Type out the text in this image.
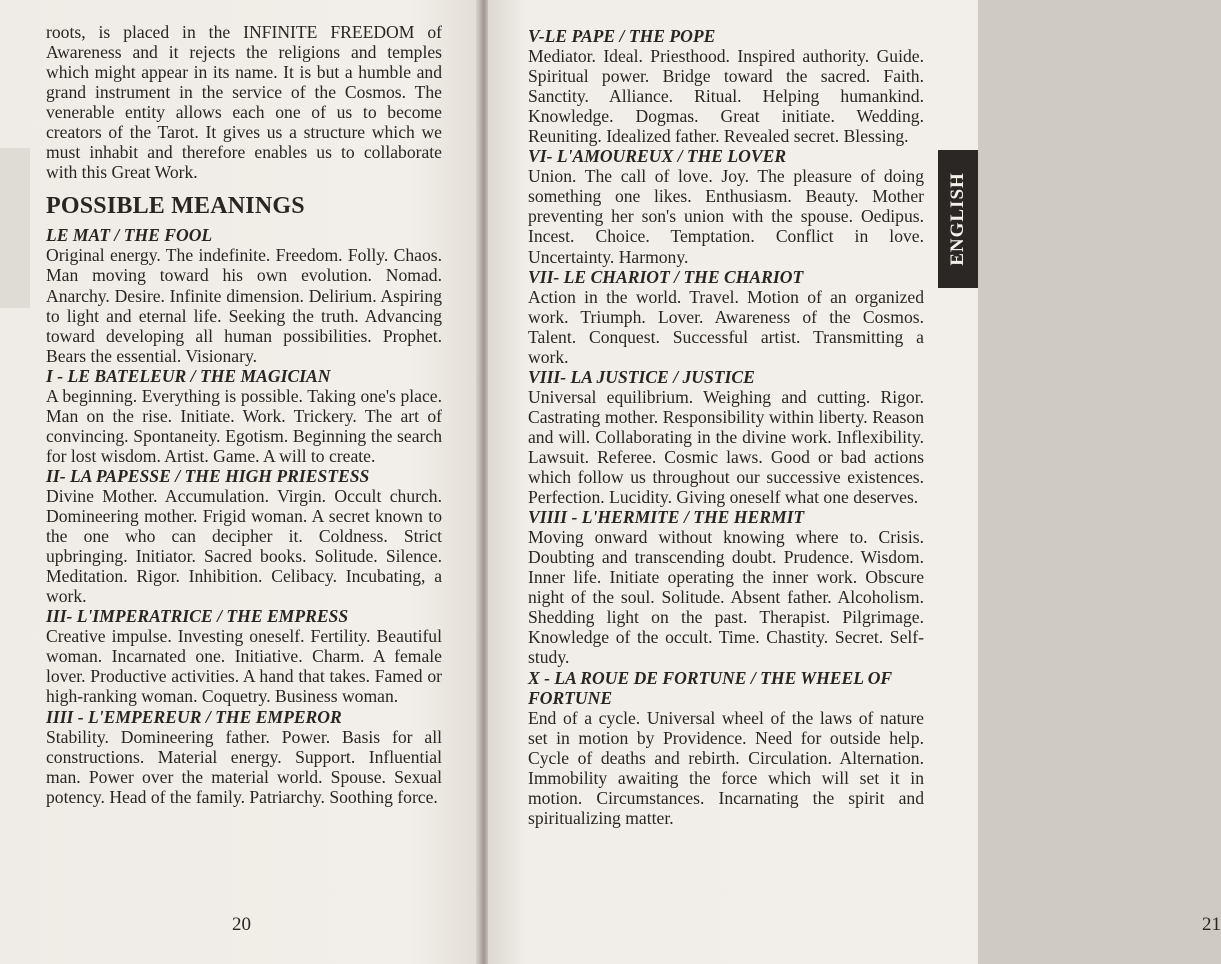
roots, is placed in the INFINITE FREEDOM of Awareness and it rejects the religions and temples which might appear in its name. It is but a humble and grand instrument in the service of the Cosmos. The venerable entity allows each one of us to become creators of the Tarot. It gives us a structure which we must inhabit and therefore enables us to collaborate with this Great Work.

POSSIBLE MEANINGS
LE MAT / THE FOOL

Original energy. The indefinite. Freedom. Folly. Chaos. Man moving toward his own evolution. Nomad. Anarchy. Desire. Infinite dimension. Delirium. Aspiring to light and eternal life. Seeking the truth. Advancing toward developing all human possibilities. Prophet. Bears the essential. Visionary.

I - LE BATELEUR / THE MAGICIAN

A beginning. Everything is possible. Taking one's place. Man on the rise. Initiate. Work. Trickery. The art of convincing. Spontaneity. Egotism. Beginning the search for lost wisdom. Artist. Game. A will to create.

II- LA PAPESSE / THE HIGH PRIESTESS

Divine Mother. Accumulation. Virgin. Occult church. Domineering mother. Frigid woman. A secret known to the one who can decipher it. Coldness. Strict upbringing. Initiator. Sacred books. Solitude. Silence. Meditation. Rigor. Inhibition. Celibacy. Incubating, a work.

III- L'IMPERATRICE / THE EMPRESS

Creative impulse. Investing oneself. Fertility. Beautiful woman. Incarnated one. Initiative. Charm. A female lover. Productive activities. A hand that takes. Famed or high-ranking woman. Coquetry. Business woman.

IIII - L'EMPEREUR / THE EMPEROR

Stability. Domineering father. Power. Basis for all constructions. Material energy. Support. Influential man. Power over the material world. Spouse. Sexual potency. Head of the family. Patriarchy. Soothing force.

20
V-LE PAPE / THE POPE

Mediator. Ideal. Priesthood. Inspired authority. Guide. Spiritual power. Bridge toward the sacred. Faith. Sanctity. Alliance. Ritual. Helping humankind. Knowledge. Dogmas. Great initiate. Wedding. Reuniting. Idealized father. Revealed secret. Blessing.

VI- L'AMOUREUX / THE LOVER

Union. The call of love. Joy. The pleasure of doing something one likes. Enthusiasm. Beauty. Mother preventing her son's union with the spouse. Oedipus. Incest. Choice. Temptation. Conflict in love. Uncertainty. Harmony.

VII- LE CHARIOT / THE CHARIOT

Action in the world. Travel. Motion of an organized work. Triumph. Lover. Awareness of the Cosmos. Talent. Conquest. Successful artist. Transmitting a work.

VIII- LA JUSTICE / JUSTICE

Universal equilibrium. Weighing and cutting. Rigor. Castrating mother. Responsibility within liberty. Reason and will. Collaborating in the divine work. Inflexibility. Lawsuit. Referee. Cosmic laws. Good or bad actions which follow us throughout our successive existences. Perfection. Lucidity. Giving oneself what one deserves.

VIIII - L'HERMITE / THE HERMIT

Moving onward without knowing where to. Crisis. Doubting and transcending doubt. Prudence. Wisdom. Inner life. Initiate operating the inner work. Obscure night of the soul. Solitude. Absent father. Alcoholism. Shedding light on the past. Therapist. Pilgrimage. Knowledge of the occult. Time. Chastity. Secret. Self-study.

X - LA ROUE DE FORTUNE / THE WHEEL OF FORTUNE

End of a cycle. Universal wheel of the laws of nature set in motion by Providence. Need for outside help. Cycle of deaths and rebirth. Circulation. Alternation. Immobility awaiting the force which will set it in motion. Circumstances. Incarnating the spirit and spiritualizing matter.

21
ENGLISH
